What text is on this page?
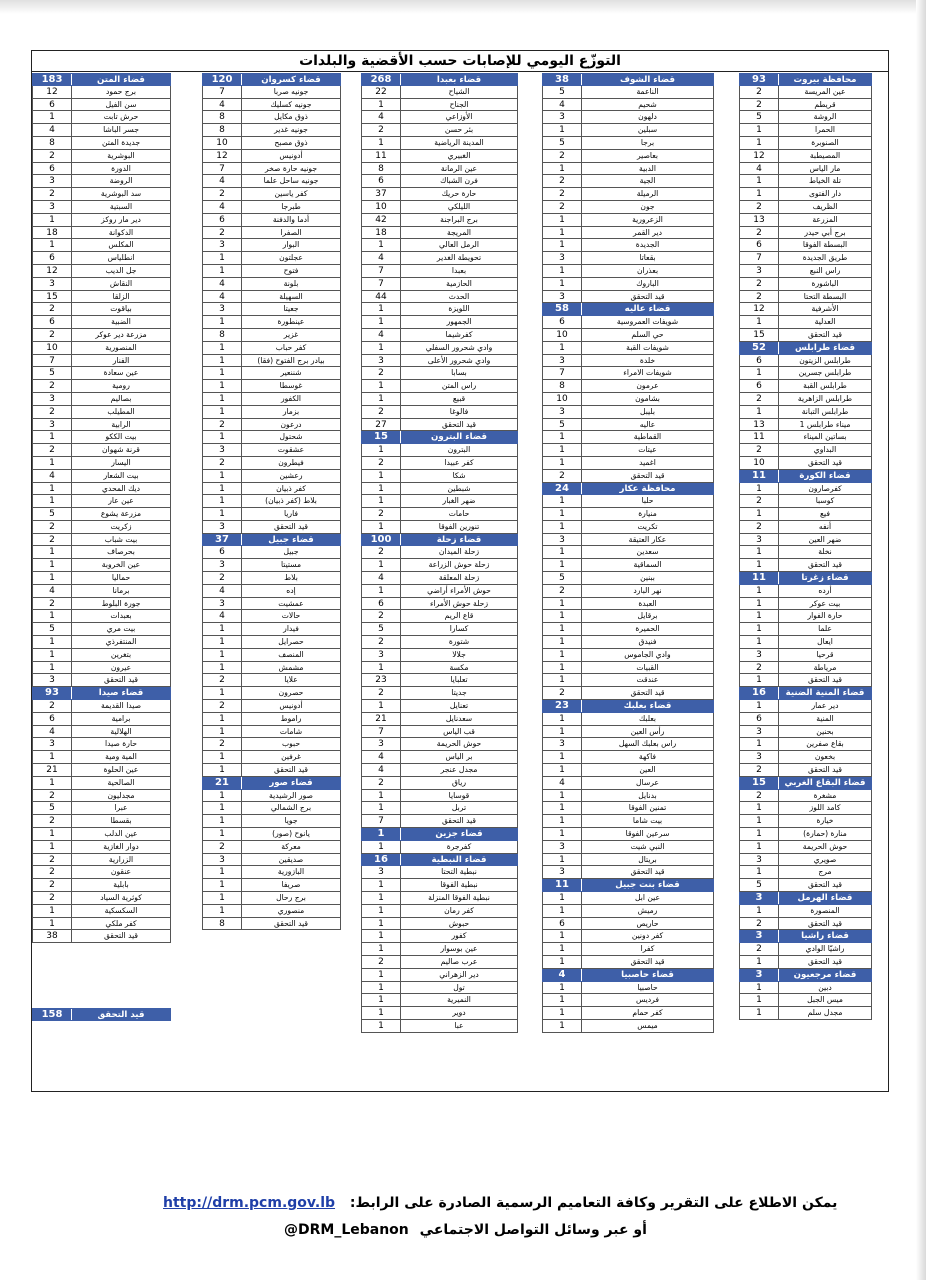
التوزّع اليومي للإصابات حسب الأقضية والبلدات
183	قضاء المتن
12	برج حمود
6	سن الفيل
1	حرش تابت
4	جسر الباشا
8	جديدة المتن
2	البوشرية
6	الدورة
3	الروضة
2	سد البوشرية
3	السبتية
1	دير مار روكز
18	الدكوانة
1	المكلس
6	انطلياس
12	جل الديب
3	النقاش
15	الزلقا
2	بياقوت
6	الضبية
2	مزرعة دير عوكر
10	المنصورية
7	الفنار
5	عين سعادة
2	رومية
3	بصاليم
2	المطيلب
3	الرابية
1	بيت الككو
2	قرنة شهوان
1	اليسار
4	بيت الشعار
1	ديك المحدي
1	عين عار
5	مزرعة يشوع
2	زكريت
2	بيت شباب
1	بحرصاف
1	عين الخروبة
1	حماليا
4	برمانا
2	جورة البلوط
1	بعبدات
5	بيت مري
1	المنتفرذي
1	بتغرين
1	عيرون
3	قيد التحقق
93	قضاء صيدا
2	صيدا القديمة
6	برامية
4	الهلالية
3	حارة صيدا
1	المية ومية
21	عين الحلوة
1	الصالحية
2	مجدليون
5	عبرا
2	بقسطا
1	عين الدلب
1	دوار الغازية
2	الزرارية
2	عنقون
2	بابلية
2	كوثرية السياد
1	السكسكية
1	كفر ملكي
38	قيد التحقق
120	قضاء كسروان
7	جونيه صربا
4	جونيه كسليك
8	ذوق مكايل
8	جونيه غدير
10	ذوق مصبح
12	أدونيس
7	جونيه حارة صخر
4	جونيه ساحل علما
2	كفر ياسين
4	طبرجا
6	أدما والدفنة
2	الصفرا
3	البوار
1	عجلتون
1	فتوح
4	بلونة
4	السهيلة
3	جعيتا
1	عينطورة
8	غزير
1	كفر حباب
1	بيادر برج الفتوح (فقا)
1	شننعير
1	غوسطا
1	الكفور
1	بزمار
2	درعون
1	شحتول
3	عشقوت
2	فيطرون
1	رعشين
1	كفر ذبيان
1	بلاط (كفر ذبيان)
1	فاريا
3	قيد التحقق
37	قضاء جبيل
6	جبيل
3	مستيتا
2	بلاط
4	إده
3	عمشيت
4	حالات
1	فيدار
1	حصرايل
1	المنصف
1	مشمش
2	علايا
1	حصرون
2	أدونيس
1	راموط
1	شامات
2	حبوب
1	غرفين
1	قيد التحقق
21	قضاء صور
1	صور الرشيدية
1	برج الشمالي
1	جويا
1	يانوح (صور)
2	معركة
3	صديقين
1	البازورية
1	صريفا
1	برج رحال
1	منصوري
8	قيد التحقق
268	قضاء بعبدا
22	الشياح
1	الجناح
4	الأوزاعي
2	بئر حسن
1	المدينة الرياضية
11	الغبيري
8	عين الرمانة
6	فرن الشباك
37	حارة حريك
10	الليلكي
42	برج البراجنة
18	المريجة
1	الرمل العالي
4	تحويطة الغدير
7	بعبدا
7	الحازمية
44	الحدث
1	اللويزة
1	الجمهور
4	كفرشيما
1	وادي شحرور السفلي
3	وادي شحرور الأعلى
2	بسابا
1	راس المتن
1	قبيع
2	فالوغا
27	قيد التحقق
15	قضاء البترون
1	البترون
2	كفر عبيدا
1	شكا
1	شبطين
1	ضهر الغبار
2	حامات
1	تنورين الفوقا
100	قضاء زحلة
2	زحلة الميدان
1	زحلة حوش الزراعة
4	زحلة المعلقة
1	حوش الأمراء أراضي
6	زحلة حوش الأمراء
2	قاع الريم
5	كسارا
2	شتورة
3	جلالا
1	مكسة
23	تعلبايا
2	جديتا
1	تعنايل
21	سعدنايل
7	قب الياس
3	حوش الحريمة
4	بر الياس
4	مجدل عنجر
2	رياق
1	قوسايا
1	تربل
7	قيد التحقق
1	قضاء جزين
1	كفرجرة
16	قضاء النبطية
3	نبطية التحتا
1	نبطية الفوقا
1	نبطية الفوقا المنزلة
1	كفر رمان
1	حبوش
1	كفور
1	عين بوسوار
2	عرب صاليم
1	دير الزهراني
1	تول
1	النميرية
1	دوير
1	عبا
38	قضاء الشوف
5	الناعمة
4	شحيم
3	دلهون
1	سبلين
5	برجا
2	بعاصير
1	الدبية
2	الجية
2	الرميلة
2	جون
1	الزعرورية
1	دير القمر
1	الجديدة
3	بقعاتا
1	بعذران
1	الباروك
3	قيد التحقق
58	قضاء عاليه
6	شويفات العمروسية
10	حي السلم
1	شويفات القبة
3	خلدة
7	شويفات الامراء
8	عرمون
10	بشامون
3	بليبل
5	عاليه
1	القماطية
1	عيتات
1	اغميد
2	قيد التحقق
24	محافظة عكار
1	حلبا
1	منيارة
1	تكريت
3	عكار العتيقة
1	سعدين
1	السماقية
5	ببنين
2	نهر البارد
1	العبدة
1	برقايل
1	الحميرة
1	فنيدق
1	وادي الجاموس
1	القبيات
1	عندقت
2	قيد التحقق
23	قضاء بعلبك
1	بعلبك
1	رأس العين
3	راس بعلبك السهل
1	فاكهة
1	العين
4	عرسال
1	بدنايل
1	تمنين الفوقا
1	بيت شاما
1	سرعين الفوقا
3	النبي شيت
1	بريتال
3	قيد التحقق
11	قضاء بنت جبيل
1	عين ابل
1	رميش
6	حاريص
1	كفر دونين
1	كفرا
1	قيد التحقق
4	قضاء حاصبيا
1	حاصبيا
1	فرديس
1	كفر حمام
1	ميمس
93	محافظة بيروت
2	عين المريسة
2	قريطم
5	الروشة
1	الحمرا
1	الصنوبرة
12	المصيطبة
4	مار الياس
1	تلة الخياط
1	دار الفتوى
2	الظريف
13	المزرعة
2	برج أبي حيدر
6	البسطة الفوقا
7	طريق الجديدة
3	راس النبع
2	الباشورة
2	البسطة التحتا
12	الأشرفية
1	العدلية
15	قيد التحقق
52	قضاء طرابلس
6	طرابلس الزيتون
1	طرابلس جسرين
6	طرابلس القبة
2	طرابلس الزاهرية
1	طرابلس التبانة
13	ميناء طرابلس 1
11	بساتين الميناء
2	البداوي
10	قيد التحقق
11	قضاء الكورة
1	كفرصارون
2	كوسبا
1	فيع
2	أنفه
3	ضهر العين
1	نخلة
1	قيد التحقق
11	قضاء زغرتا
1	أرده
1	بيت عوكر
1	حارة الفوار
1	علما
1	ايعال
3	قرحيا
2	مرياطة
1	قيد التحقق
16	قضاء المنية الضنية
1	دير عمار
6	المنية
3	بحنين
1	بقاع صفرين
3	بخعون
2	قيد التحقق
15	قضاء البقاع الغربي
2	مشغرة
1	كامد اللوز
1	خيارة
1	منارة (حمارة)
1	حوش الحريمة
3	صويري
1	مرج
5	قيد التحقق
3	قضاء الهرمل
1	المنصورة
2	قيد التحقق
3	قضاء راشيا
2	راشيّا الوادي
1	قيد التحقق
3	قضاء مرجعيون
1	دبين
1	ميس الجبل
1	مجدل سلم
158	قيد التحقق
http://drm.pcm.gov.lb يمكن الاطلاع على التقرير وكافة التعاميم الرسمية الصادرة على الرابط:
@DRM_Lebanon أو عبر وسائل التواصل الاجتماعي
